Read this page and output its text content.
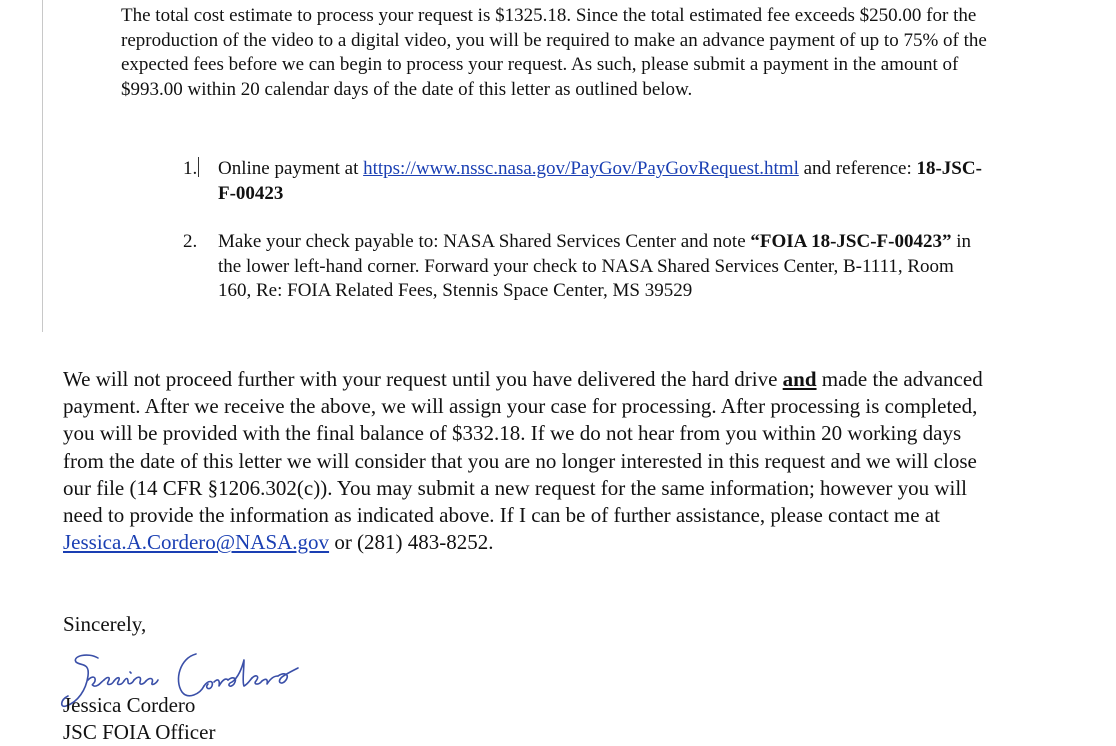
The total cost estimate to process your request is $1325.18. Since the total estimated fee exceeds $250.00 for the reproduction of the video to a digital video, you will be required to make an advance payment of up to 75% of the expected fees before we can begin to process your request. As such, please submit a payment in the amount of $993.00 within 20 calendar days of the date of this letter as outlined below.

1. Online payment at https://www.nssc.nasa.gov/PayGov/PayGovRequest.html and reference: 18-JSC-F-00423
2. Make your check payable to: NASA Shared Services Center and note “FOIA 18-JSC-F-00423” in the lower left-hand corner. Forward your check to NASA Shared Services Center, B-1111, Room 160, Re: FOIA Related Fees, Stennis Space Center, MS 39529

We will not proceed further with your request until you have delivered the hard drive and made the advanced payment. After we receive the above, we will assign your case for processing. After processing is completed, you will be provided with the final balance of $332.18. If we do not hear from you within 20 working days from the date of this letter we will consider that you are no longer interested in this request and we will close our file (14 CFR §1206.302(c)). You may submit a new request for the same information; however you will need to provide the information as indicated above. If I can be of further assistance, please contact me at Jessica.A.Cordero@NASA.gov or (281) 483-8252.

Sincerely,

Jessica Cordero

JSC FOIA Officer
